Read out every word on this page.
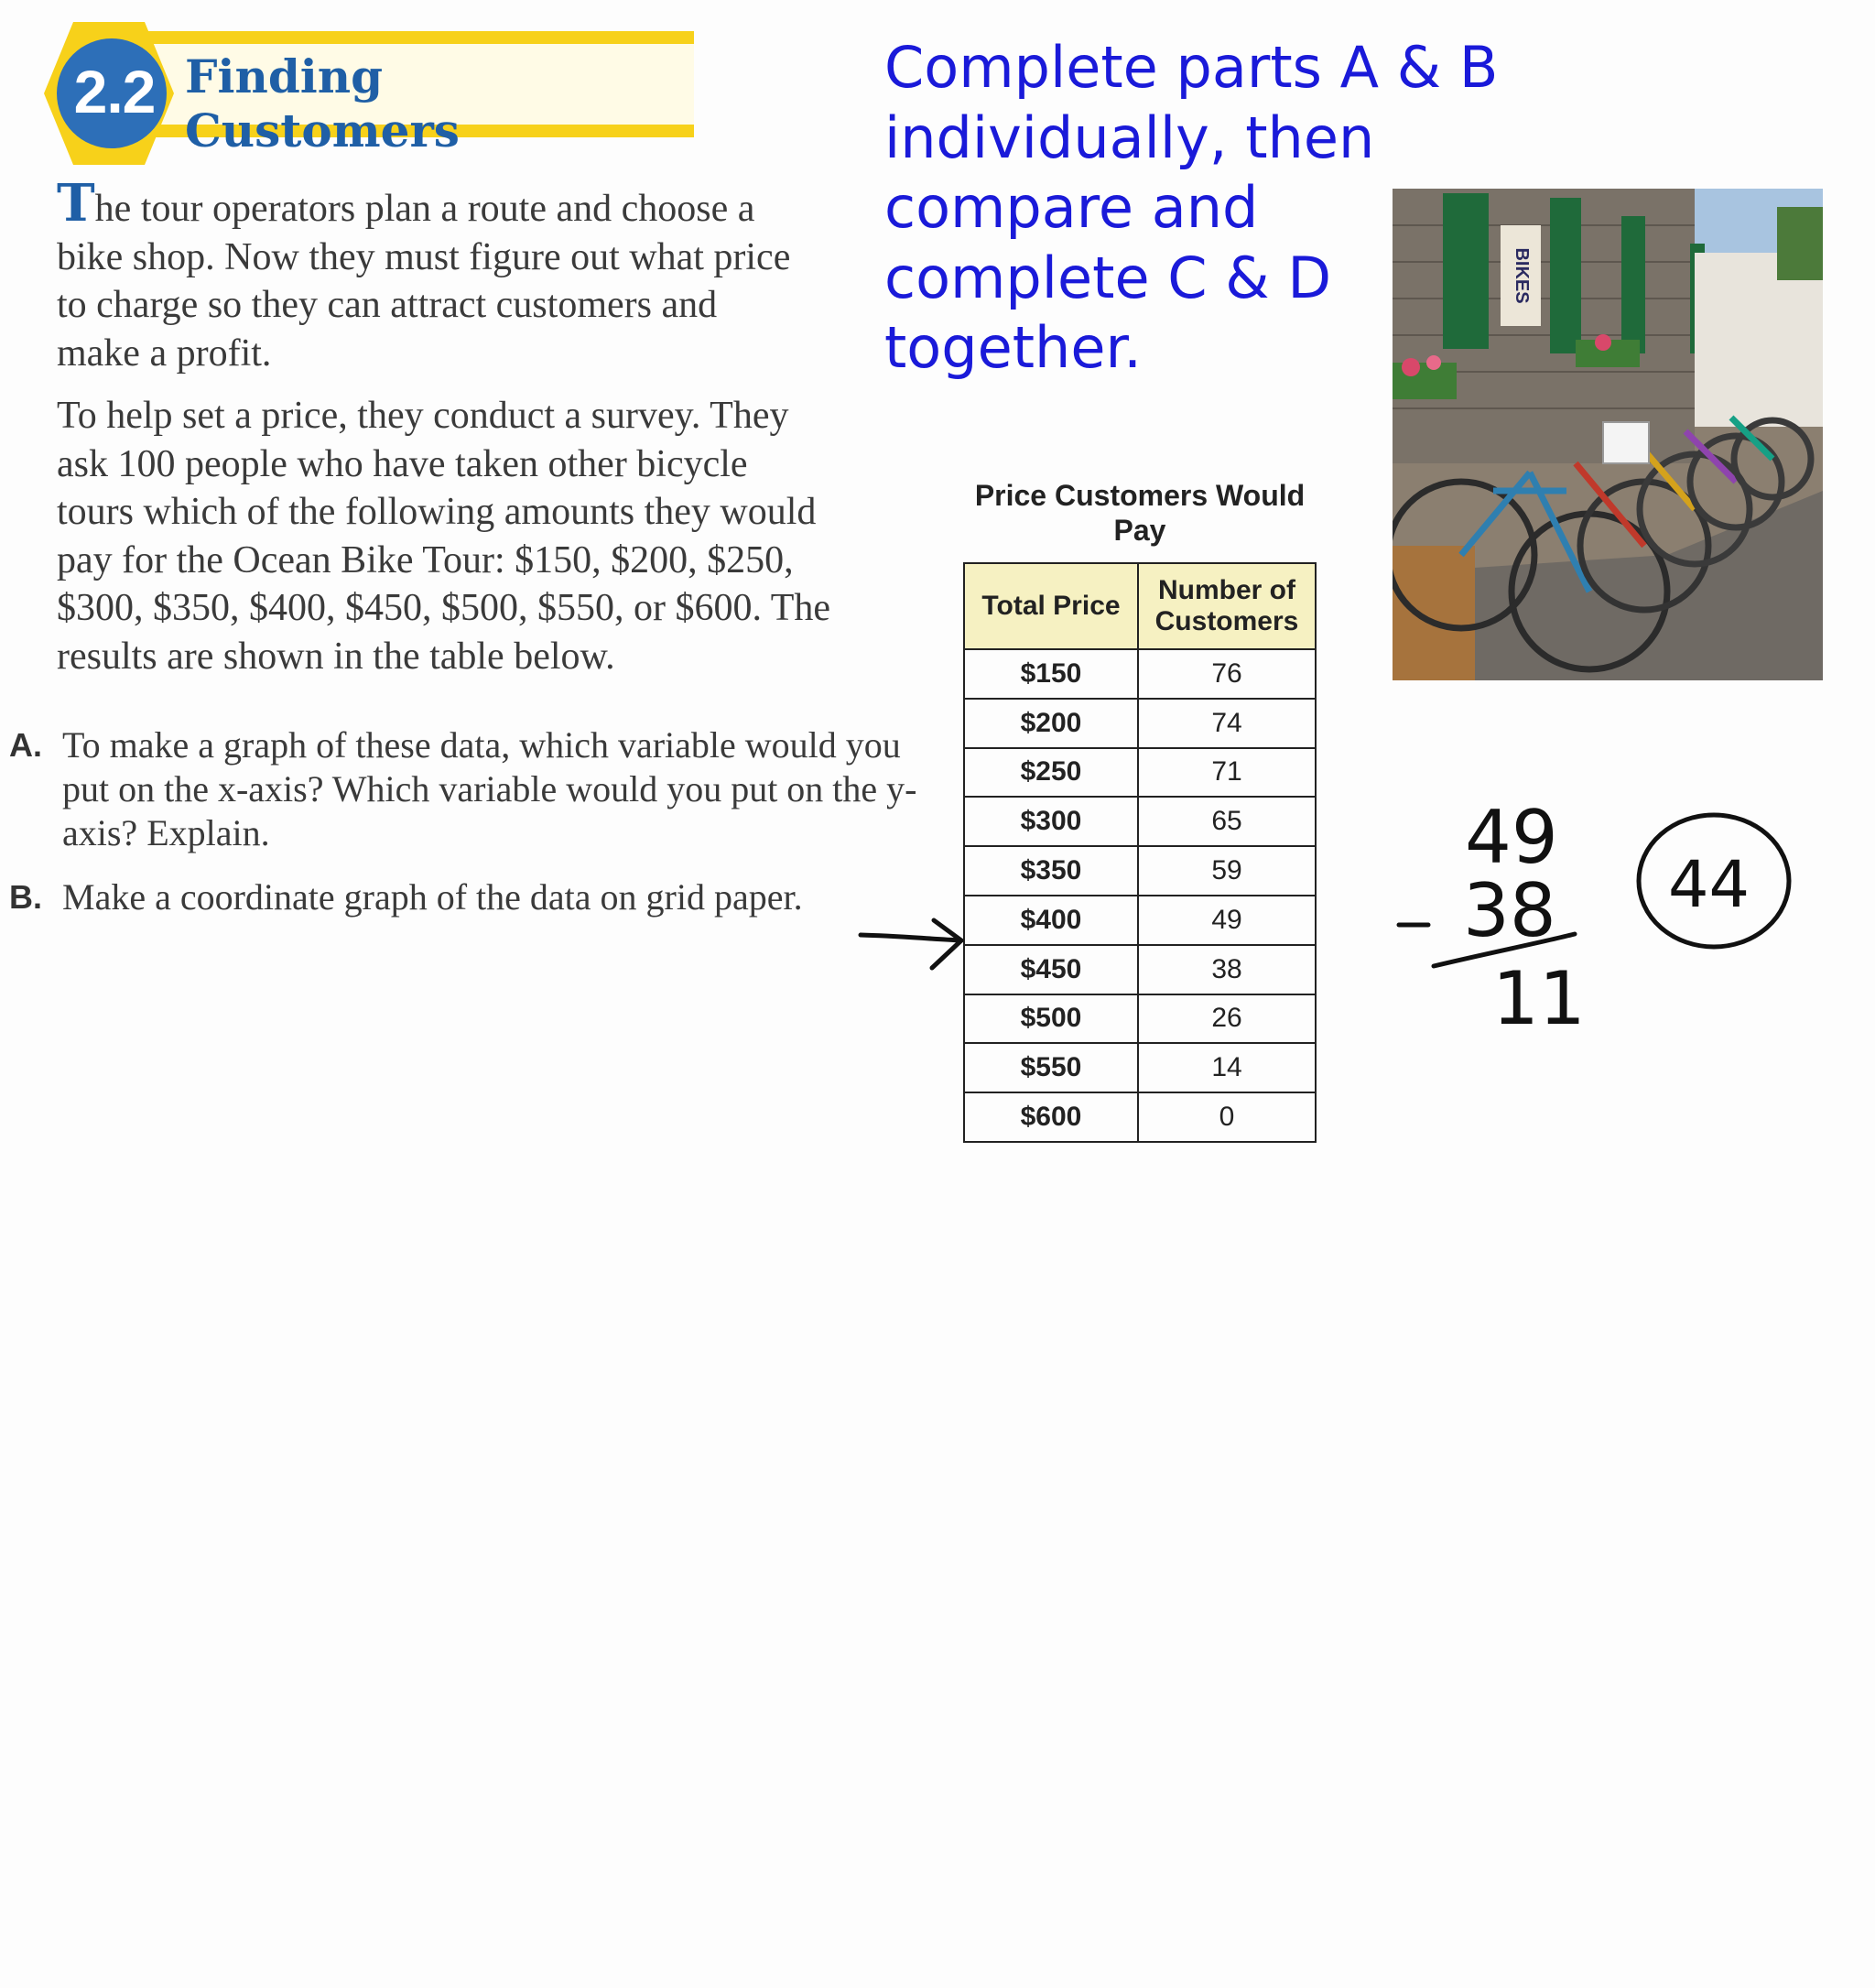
2.2 Finding Customers
The tour operators plan a route and choose a
bike shop. Now they must figure out what price
to charge so they can attract customers and
make a profit.
To help set a price, they conduct a survey. They
ask 100 people who have taken other bicycle
tours which of the following amounts they would
pay for the Ocean Bike Tour: $150, $200, $250,
$300, $350, $400, $450, $500, $550, or $600. The
results are shown in the table below.
A. To make a graph of these data, which variable would you put on the x-axis? Which variable would you put on the y-axis? Explain.
B. Make a coordinate graph of the data on grid paper.
Complete parts A & B
individually, then
compare and
complete C & D
together.
Price Customers Would Pay
Total Price	Number of Customers
$150	76
$200	74
$250	71
$300	65
$350	59
$400	49
$450	38
$500	26
$550	14
$600	0
BIKES
49
38
11
44
